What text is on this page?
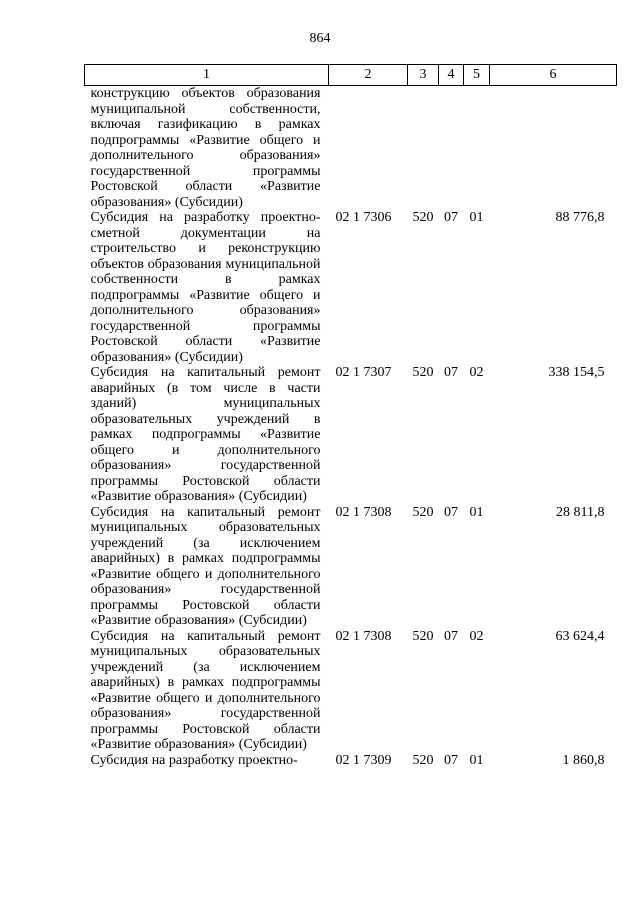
864
1	2	3	4	5	6
конструкцию объектов образования муниципальной собственности, включая газификацию в рамках подпрограммы «Развитие общего и дополнительного образования» государственной программы Ростовской области «Развитие образования» (Субсидии)					
Субсидия на разработку проектно-сметной документации на строительство и реконструкцию объектов образования муниципальной собственности в рамках подпрограммы «Развитие общего и дополнительного образования» государственной программы Ростовской области «Развитие образования» (Субсидии)	02 1 7306	520	07	01	88 776,8
Субсидия на капитальный ремонт аварийных (в том числе в части зданий) муниципальных образовательных учреждений в рамках подпрограммы «Развитие общего и дополнительного образования» государственной программы Ростовской области «Развитие образования» (Субсидии)	02 1 7307	520	07	02	338 154,5
Субсидия на капитальный ремонт муниципальных образовательных учреждений (за исключением аварийных) в рамках подпрограммы «Развитие общего и дополнительного образования» государственной программы Ростовской области «Развитие образования» (Субсидии)	02 1 7308	520	07	01	28 811,8
Субсидия на капитальный ремонт муниципальных образовательных учреждений (за исключением аварийных) в рамках подпрограммы «Развитие общего и дополнительного образования» государственной программы Ростовской области «Развитие образования» (Субсидии)	02 1 7308	520	07	02	63 624,4
Субсидия на разработку проектно-	02 1 7309	520	07	01	1 860,8
